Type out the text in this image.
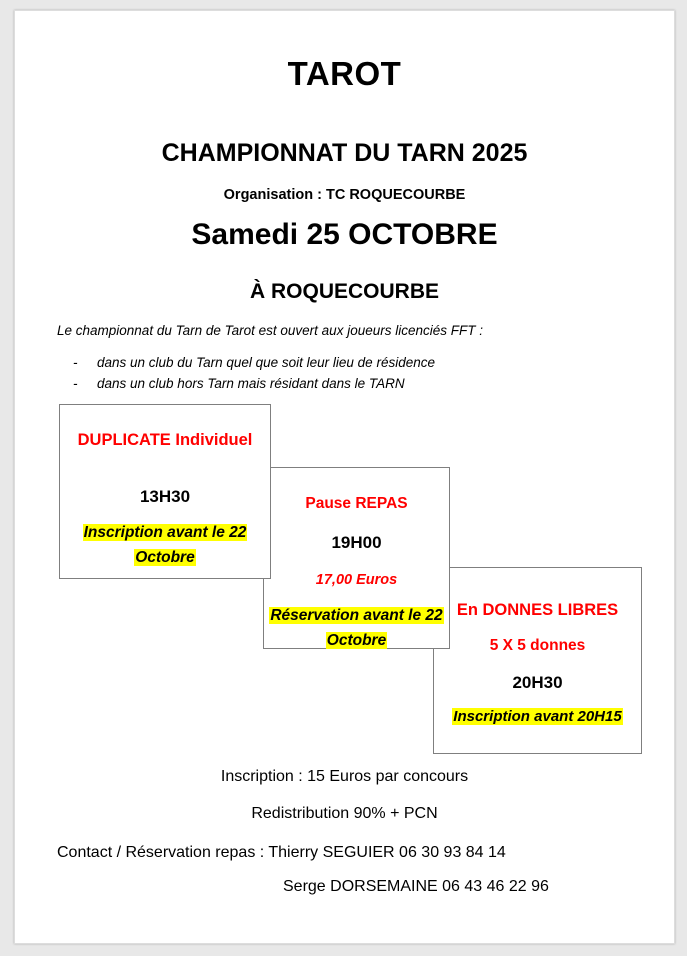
TAROT
CHAMPIONNAT DU TARN 2025
Organisation : TC ROQUECOURBE
Samedi 25 OCTOBRE
À ROQUECOURBE
Le championnat du Tarn de Tarot est ouvert aux joueurs licenciés FFT :
- dans un club du Tarn quel que soit leur lieu de résidence
- dans un club hors Tarn mais résidant dans le TARN
DUPLICATE Individuel
13H30
Inscription avant le 22 Octobre
Pause REPAS
19H00
17,00 Euros
Réservation avant le 22 Octobre
En DONNES LIBRES
5 X 5 donnes
20H30
Inscription avant 20H15
Inscription : 15 Euros par concours
Redistribution 90% + PCN
Contact / Réservation repas : Thierry SEGUIER 06 30 93 84 14
Serge DORSEMAINE 06 43 46 22 96
